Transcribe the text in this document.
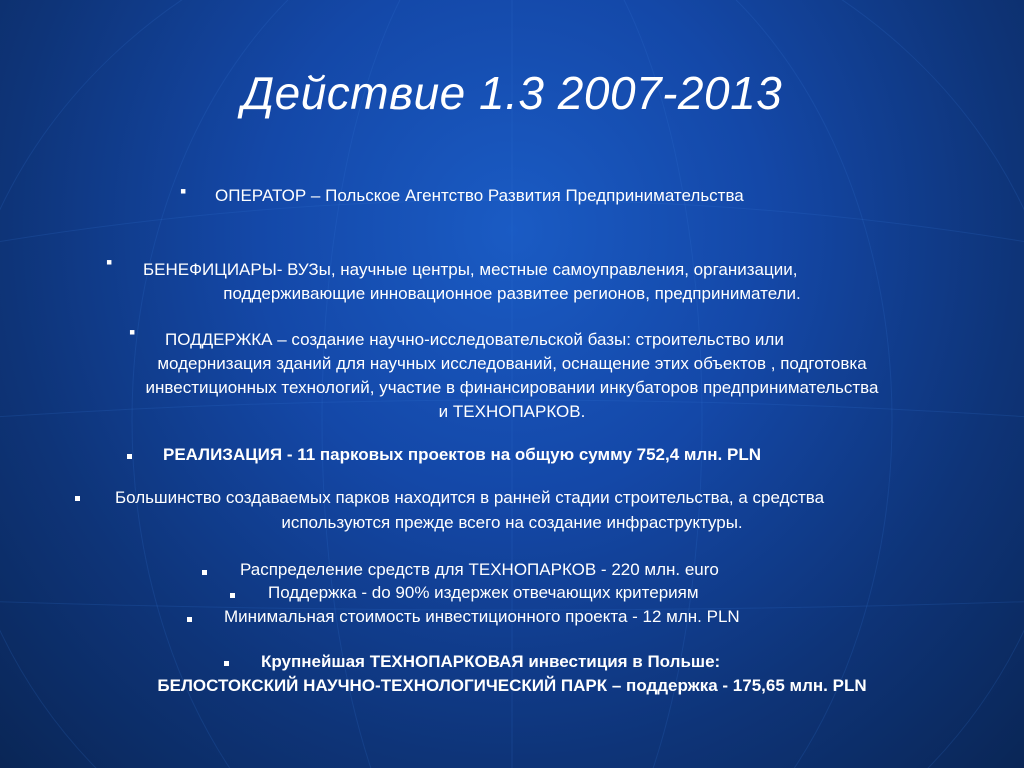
Действие 1.3 2007-2013
▪ ОПЕРАТОР – Польское Агентство Развития Предпринимательства
▪ БЕНЕФИЦИАРЫ- ВУЗы, научные центры, местные самоуправления, организации,
поддерживающие инновационное развитее регионов, предприниматели.
▪ ПОДДЕРЖКА – создание научно-исследовательской базы: строительство или
модернизация зданий для научных исследований, оснащение этих объектов , подготовка
инвестиционных технологий, участие в финансировании инкубаторов предпринимательства
и ТЕХНОПАРКОВ.
РЕАЛИЗАЦИЯ - 11 парковых проектов на общую сумму 752,4 млн. PLN
Большинство создаваемых парков находится в ранней стадии строительства, а средства
используются прежде всего на создание инфраструктуры.
Распределение средств для ТЕХНОПАРКОВ - 220 млн. euro
Поддержка - do 90% издержек отвечающих критериям
Минимальная стоимость инвестиционного проекта - 12 млн. PLN
Крупнейшая ТЕХНОПАРКОВАЯ инвестиция в Польше:
БЕЛОСТОКСКИЙ НАУЧНО-ТЕХНОЛОГИЧЕСКИЙ ПАРК – поддержка - 175,65 млн. PLN
